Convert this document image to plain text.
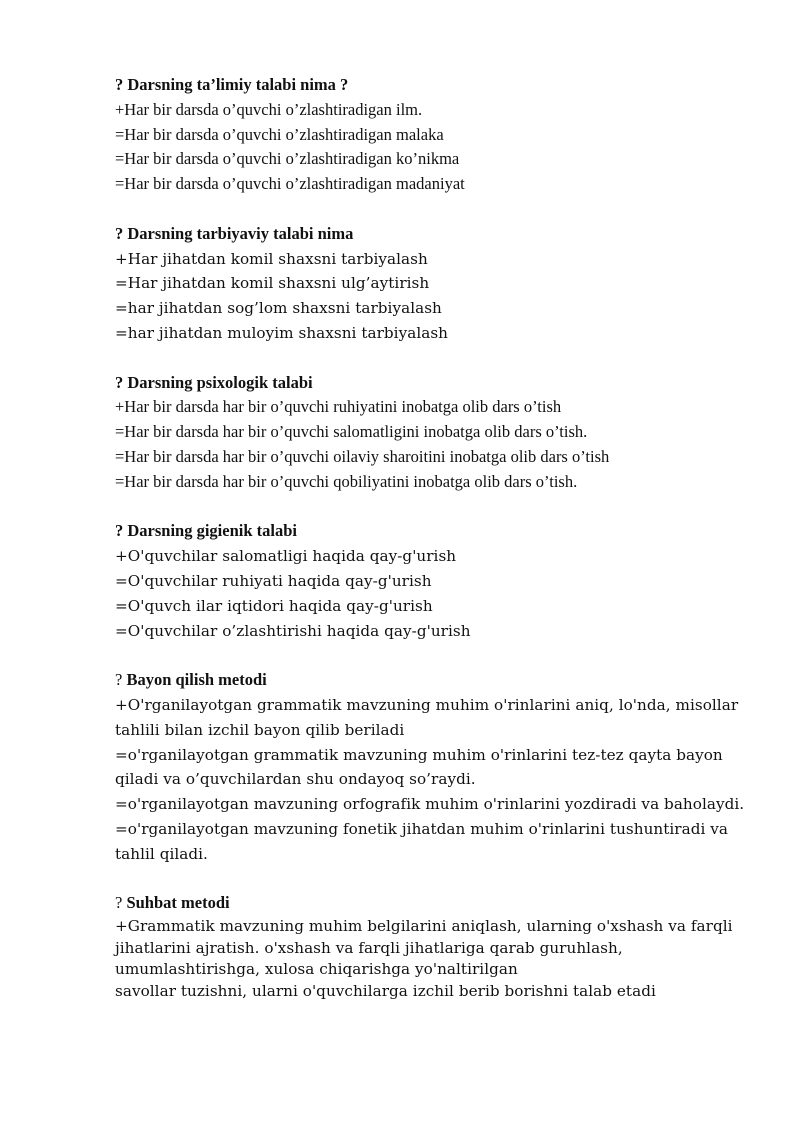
? Darsning ta’limiy talabi nima ?
+Har bir darsda o’quvchi o’zlashtiradigan ilm.
=Har bir darsda o’quvchi o’zlashtiradigan malaka
=Har bir darsda o’quvchi o’zlashtiradigan ko’nikma
=Har bir darsda o’quvchi o’zlashtiradigan madaniyat
? Darsning tarbiyaviy talabi nima
+Har jihatdan komil shaxsni tarbiyalash
=Har jihatdan komil shaxsni ulg’aytirish
=har jihatdan sog’lom shaxsni tarbiyalash
=har jihatdan muloyim shaxsni tarbiyalash
? Darsning psixologik talabi
+Har bir darsda har bir o’quvchi ruhiyatini inobatga olib dars o’tish
=Har bir darsda har bir o’quvchi salomatligini inobatga olib dars o’tish.
=Har bir darsda har bir o’quvchi oilaviy sharoitini inobatga olib dars o’tish
=Har bir darsda har bir o’quvchi qobiliyatini inobatga olib dars o’tish.
? Darsning gigienik talabi
+O'quvchilar salomatligi haqida qay-g'urish
=O'quvchilar ruhiyati haqida qay-g'urish
=O'quvch ilar iqtidori haqida qay-g'urish
=O'quvchilar o’zlashtirishi haqida qay-g'urish
? Bayon qilish metodi
+O'rganilayotgan grammatik mavzuning muhim o'rinlarini aniq, lo'nda, misollar tahlili bilan izchil bayon qilib beriladi
=o'rganilayotgan grammatik mavzuning muhim o'rinlarini tez-tez qayta bayon qiladi va o’quvchilardan shu ondayoq so’raydi.
=o'rganilayotgan mavzuning orfografik muhim o'rinlarini yozdiradi va baholaydi.
=o'rganilayotgan mavzuning fonetik jihatdan muhim o'rinlarini tushuntiradi va tahlil qiladi.
? Suhbat metodi
+Grammatik mavzuning muhim belgilarini aniqlash, ularning o'xshash va farqli jihatlarini ajratish. o'xshash va farqli jihatlariga qarab guruhlash, umumlashtirishga, xulosa chiqarishga yo'naltirilgan
savollar tuzishni, ularni o'quvchilarga izchil berib borishni talab etadi
